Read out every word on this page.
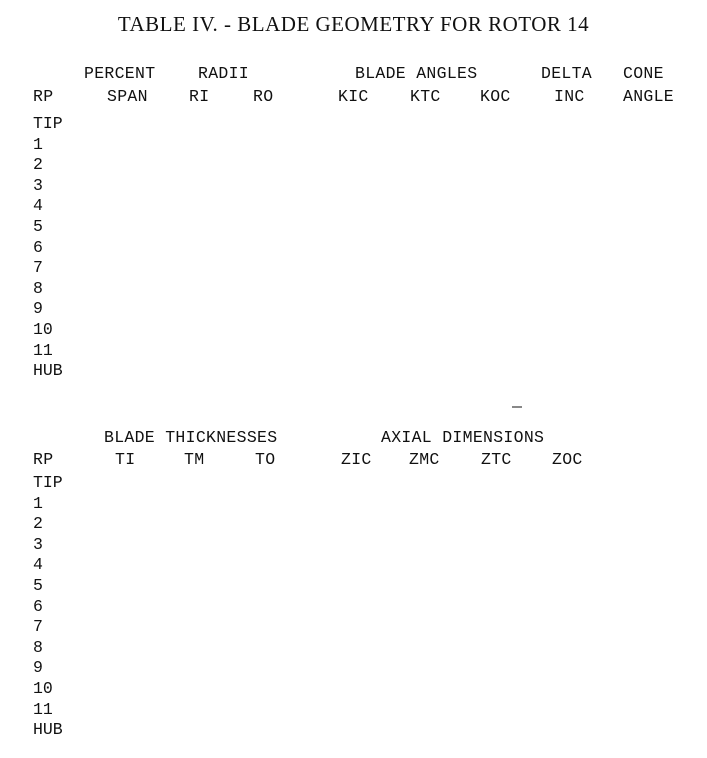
TABLE IV. - BLADE GEOMETRY FOR ROTOR 14
PERCENT	RADII	BLADE ANGLES	DELTA CONE
RP	SPAN RI	RO	KIC	KTC KOC	INC ANGLE
TIP
1
2
3
4
5
6
7
8
9
10
11
HUB
BLADE THICKNESSES	AXIAL DIMENSIONS
RP	TI	TM	TO	ZIC ZMC	ZTC ZOC
TIP
1
2
3
4
5
6
7
8
9
10
11
HUB
